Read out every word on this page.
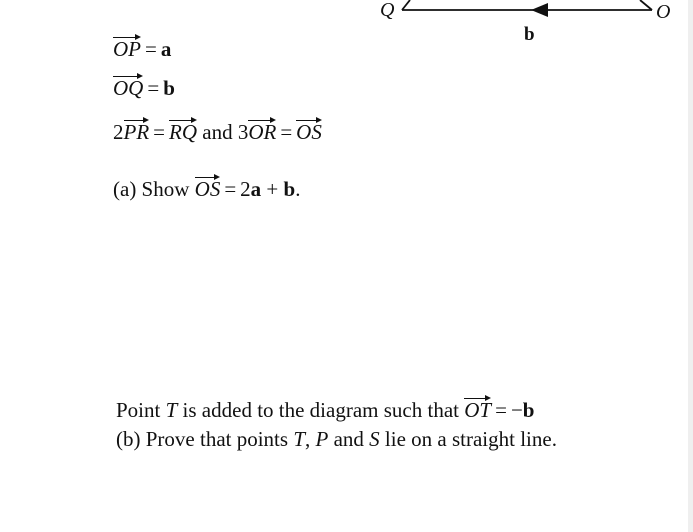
Q	O
b
OP = a
OQ = b
2PR = RQ and 3OR = OS
(a) Show OS = 2a + b.
Point T is added to the diagram such that OT = −b
(b) Prove that points T, P and S lie on a straight line.
